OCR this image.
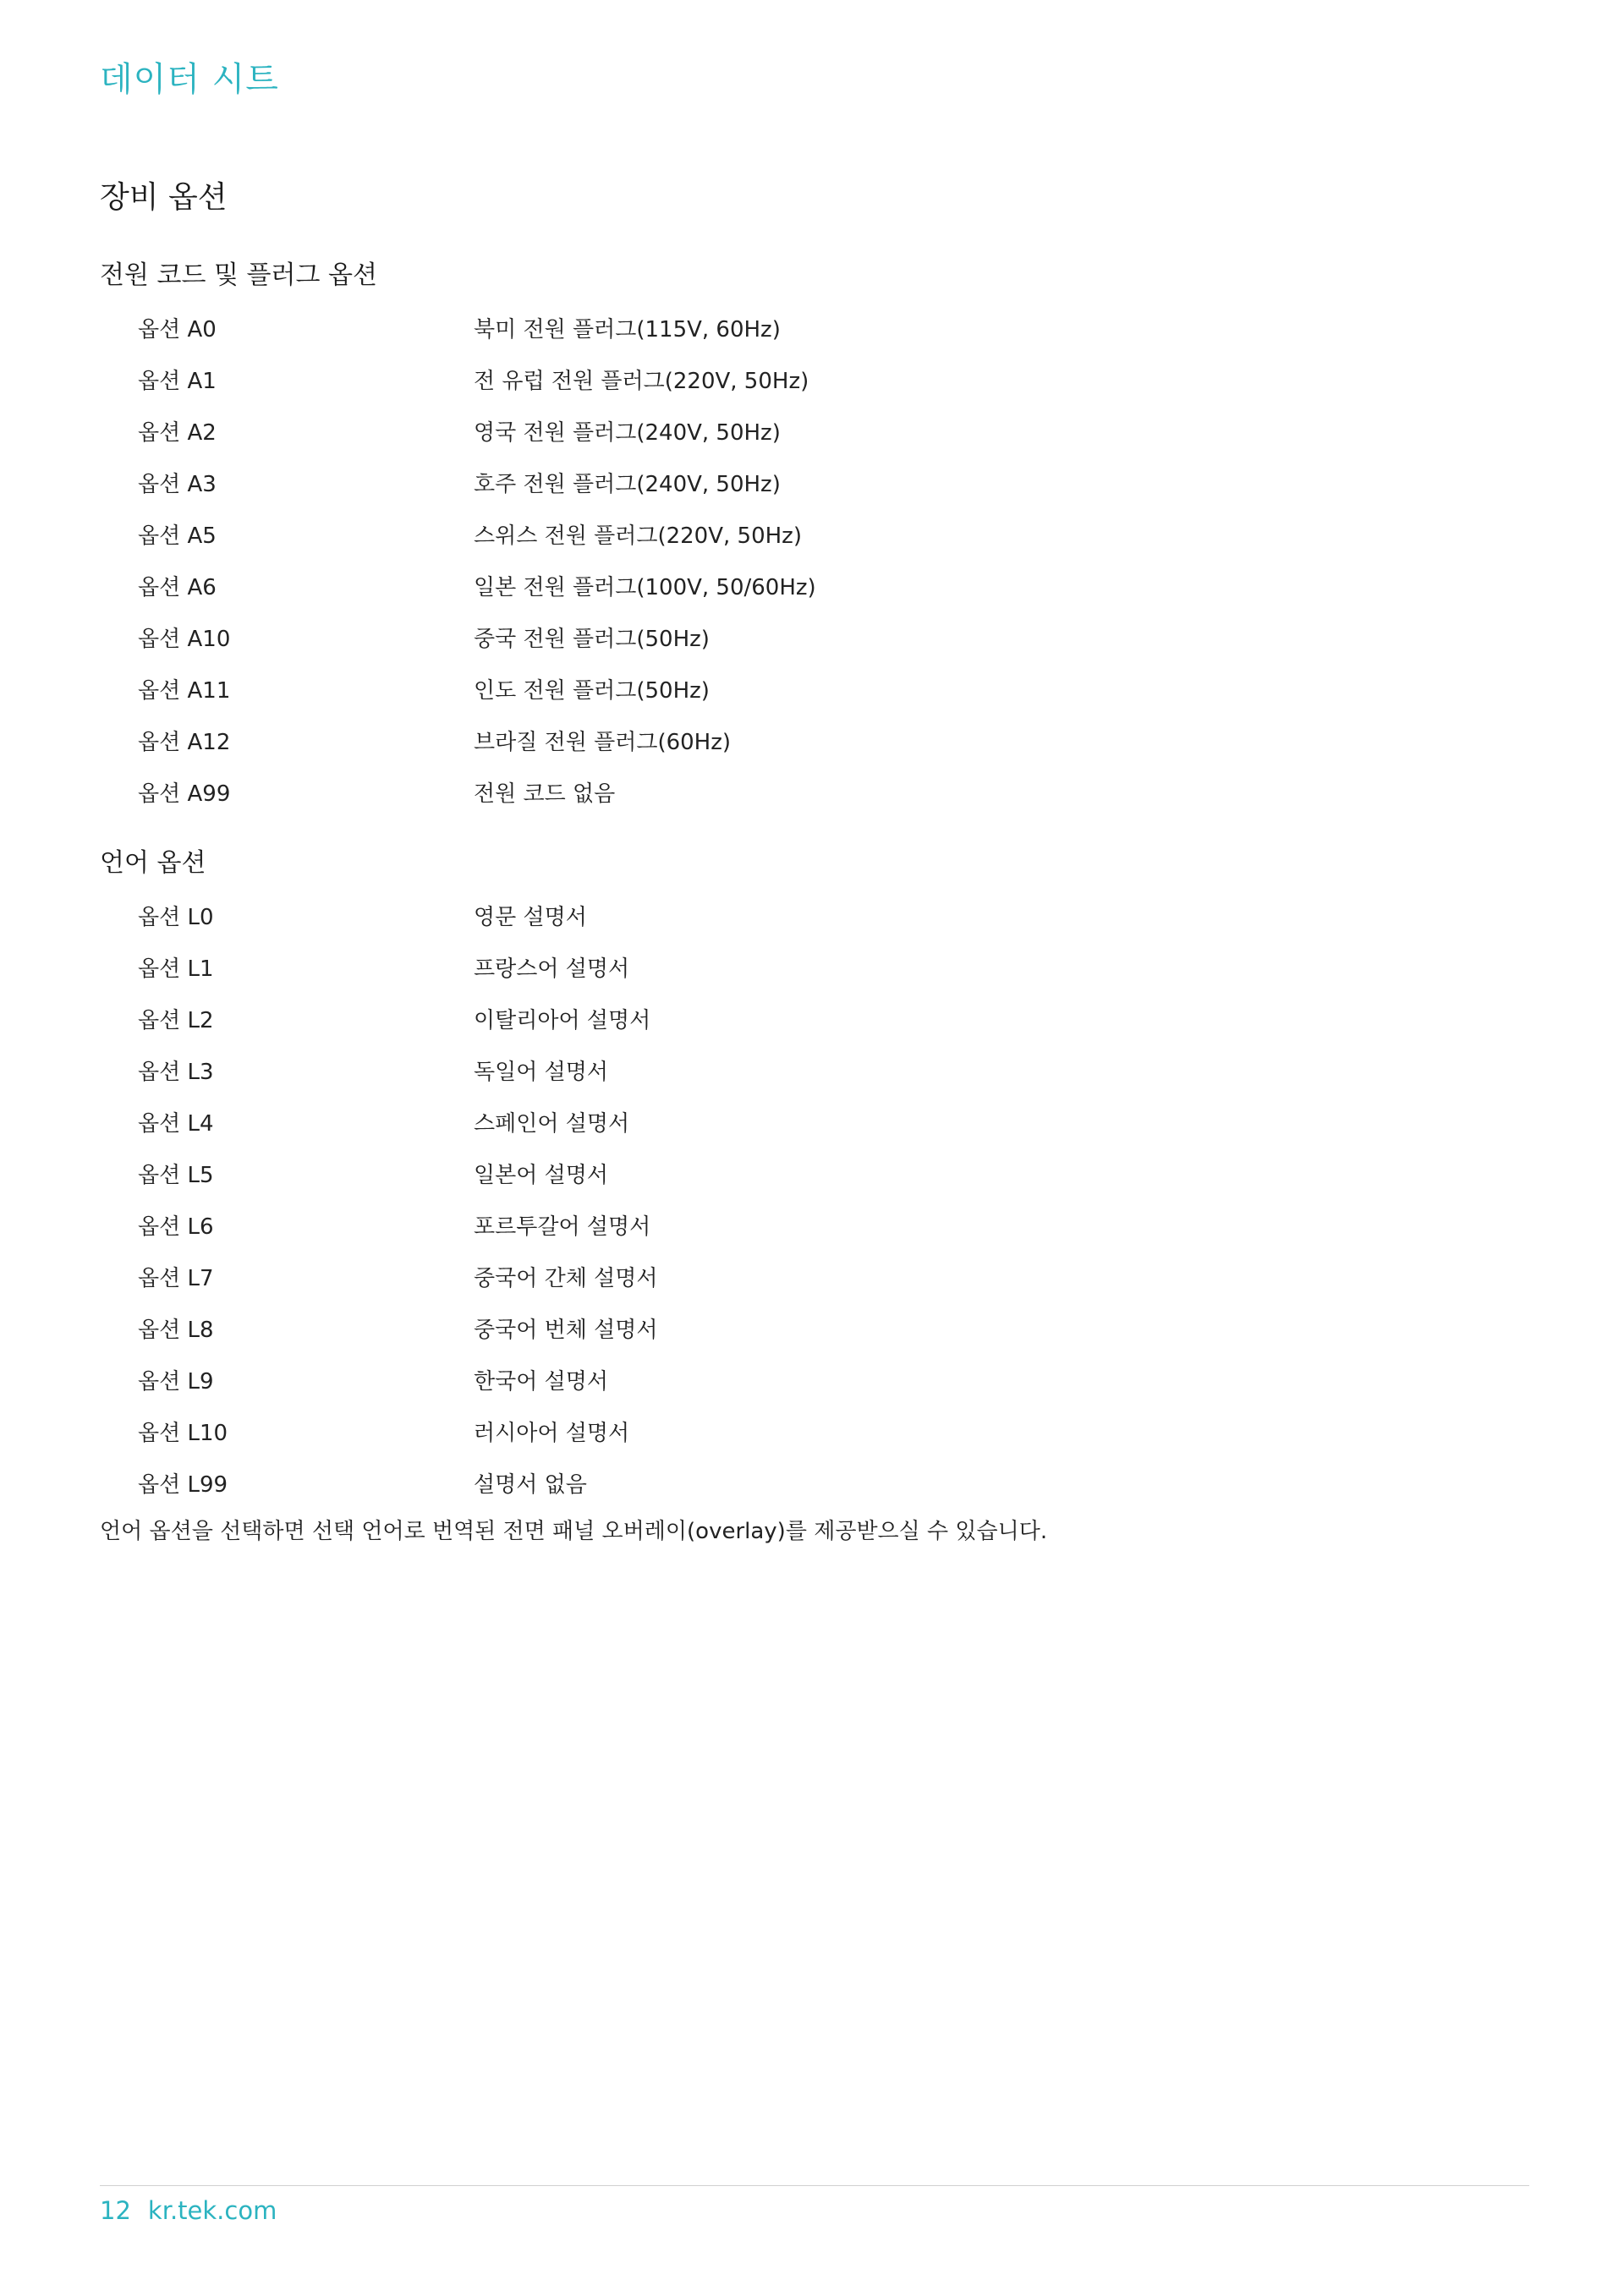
데이터 시트
장비 옵션
전원 코드 및 플러그 옵션
옵션 A0	북미 전원 플러그(115V, 60Hz)
옵션 A1	전 유럽 전원 플러그(220V, 50Hz)
옵션 A2	영국 전원 플러그(240V, 50Hz)
옵션 A3	호주 전원 플러그(240V, 50Hz)
옵션 A5	스위스 전원 플러그(220V, 50Hz)
옵션 A6	일본 전원 플러그(100V, 50/60Hz)
옵션 A10	중국 전원 플러그(50Hz)
옵션 A11	인도 전원 플러그(50Hz)
옵션 A12	브라질 전원 플러그(60Hz)
옵션 A99	전원 코드 없음
언어 옵션
옵션 L0	영문 설명서
옵션 L1	프랑스어 설명서
옵션 L2	이탈리아어 설명서
옵션 L3	독일어 설명서
옵션 L4	스페인어 설명서
옵션 L5	일본어 설명서
옵션 L6	포르투갈어 설명서
옵션 L7	중국어 간체 설명서
옵션 L8	중국어 번체 설명서
옵션 L9	한국어 설명서
옵션 L10	러시아어 설명서
옵션 L99	설명서 없음
언어 옵션을 선택하면 선택 언어로 번역된 전면 패널 오버레이(overlay)를 제공받으실 수 있습니다.
12 kr.tek.com
